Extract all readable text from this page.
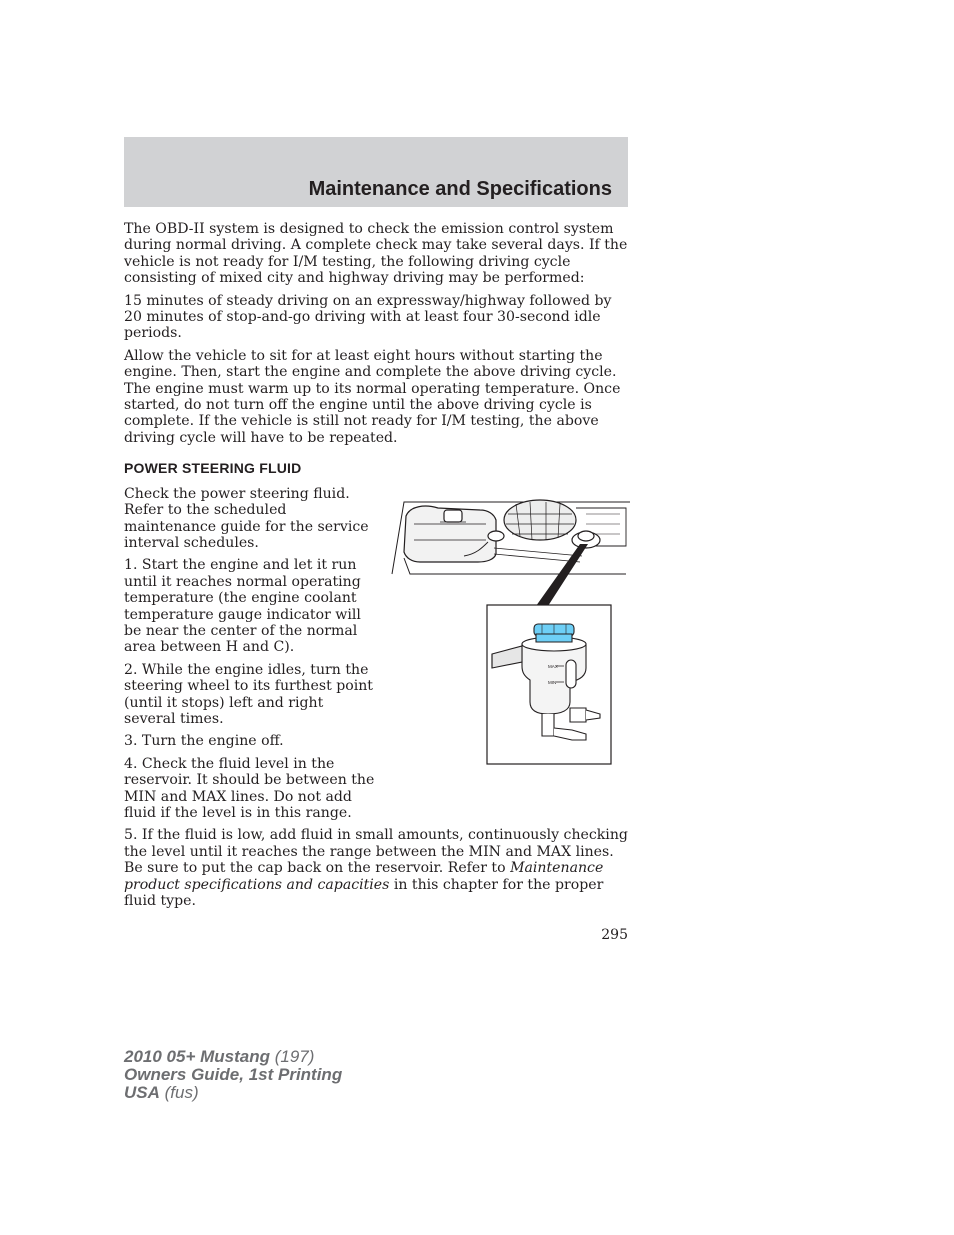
Maintenance and Specifications

The OBD-II system is designed to check the emission control system during normal driving. A complete check may take several days. If the vehicle is not ready for I/M testing, the following driving cycle consisting of mixed city and highway driving may be performed:

15 minutes of steady driving on an expressway/highway followed by 20 minutes of stop-and-go driving with at least four 30-second idle periods.

Allow the vehicle to sit for at least eight hours without starting the engine. Then, start the engine and complete the above driving cycle. The engine must warm up to its normal operating temperature. Once started, do not turn off the engine until the above driving cycle is complete. If the vehicle is still not ready for I/M testing, the above driving cycle will have to be repeated.

POWER STEERING FLUID

Check the power steering fluid. Refer to the scheduled maintenance guide for the service interval schedules.

1. Start the engine and let it run until it reaches normal operating temperature (the engine coolant temperature gauge indicator will be near the center of the normal area between H and C).

2. While the engine idles, turn the steering wheel to its furthest point (until it stops) left and right several times.

3. Turn the engine off.

4. Check the fluid level in the reservoir. It should be between the MIN and MAX lines. Do not add fluid if the level is in this range.

5. If the fluid is low, add fluid in small amounts, continuously checking the level until it reaches the range between the MIN and MAX lines. Be sure to put the cap back on the reservoir. Refer to Maintenance product specifications and capacities in this chapter for the proper fluid type.

MAX
MIN
295
2010 05+ Mustang (197)
Owners Guide, 1st Printing
USA (fus)
